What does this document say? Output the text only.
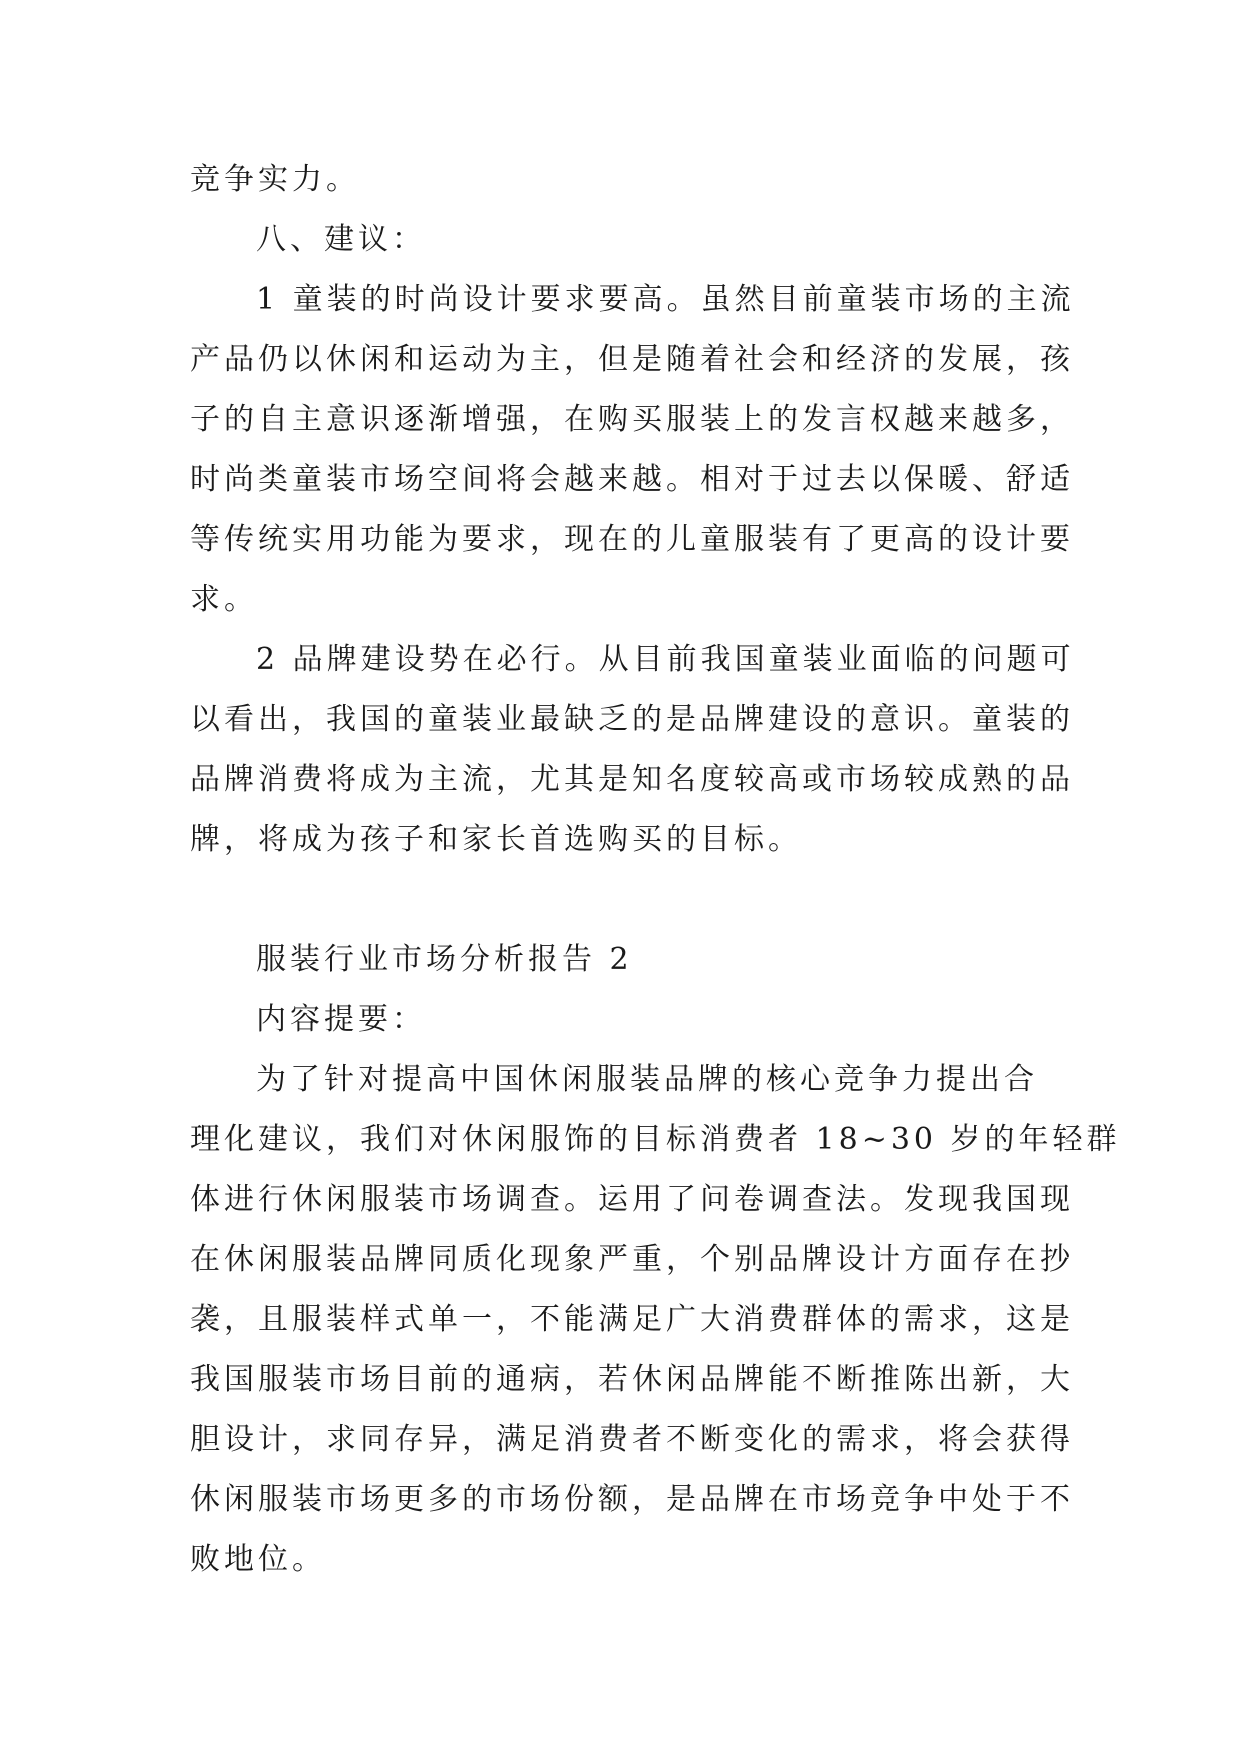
竞争实力。
八、建议：
1 童装的时尚设计要求要高。虽然目前童装市场的主流
产品仍以休闲和运动为主，但是随着社会和经济的发展，孩
子的自主意识逐渐增强，在购买服装上的发言权越来越多，
时尚类童装市场空间将会越来越。相对于过去以保暖、舒适
等传统实用功能为要求，现在的儿童服装有了更高的设计要
求。
2 品牌建设势在必行。从目前我国童装业面临的问题可
以看出，我国的童装业最缺乏的是品牌建设的意识。童装的
品牌消费将成为主流，尤其是知名度较高或市场较成熟的品
牌，将成为孩子和家长首选购买的目标。
服装行业市场分析报告 2
内容提要：
为了针对提高中国休闲服装品牌的核心竞争力提出合
理化建议，我们对休闲服饰的目标消费者 18~30 岁的年轻群
体进行休闲服装市场调查。运用了问卷调查法。发现我国现
在休闲服装品牌同质化现象严重，个别品牌设计方面存在抄
袭，且服装样式单一，不能满足广大消费群体的需求，这是
我国服装市场目前的通病，若休闲品牌能不断推陈出新，大
胆设计，求同存异，满足消费者不断变化的需求，将会获得
休闲服装市场更多的市场份额，是品牌在市场竞争中处于不
败地位。
